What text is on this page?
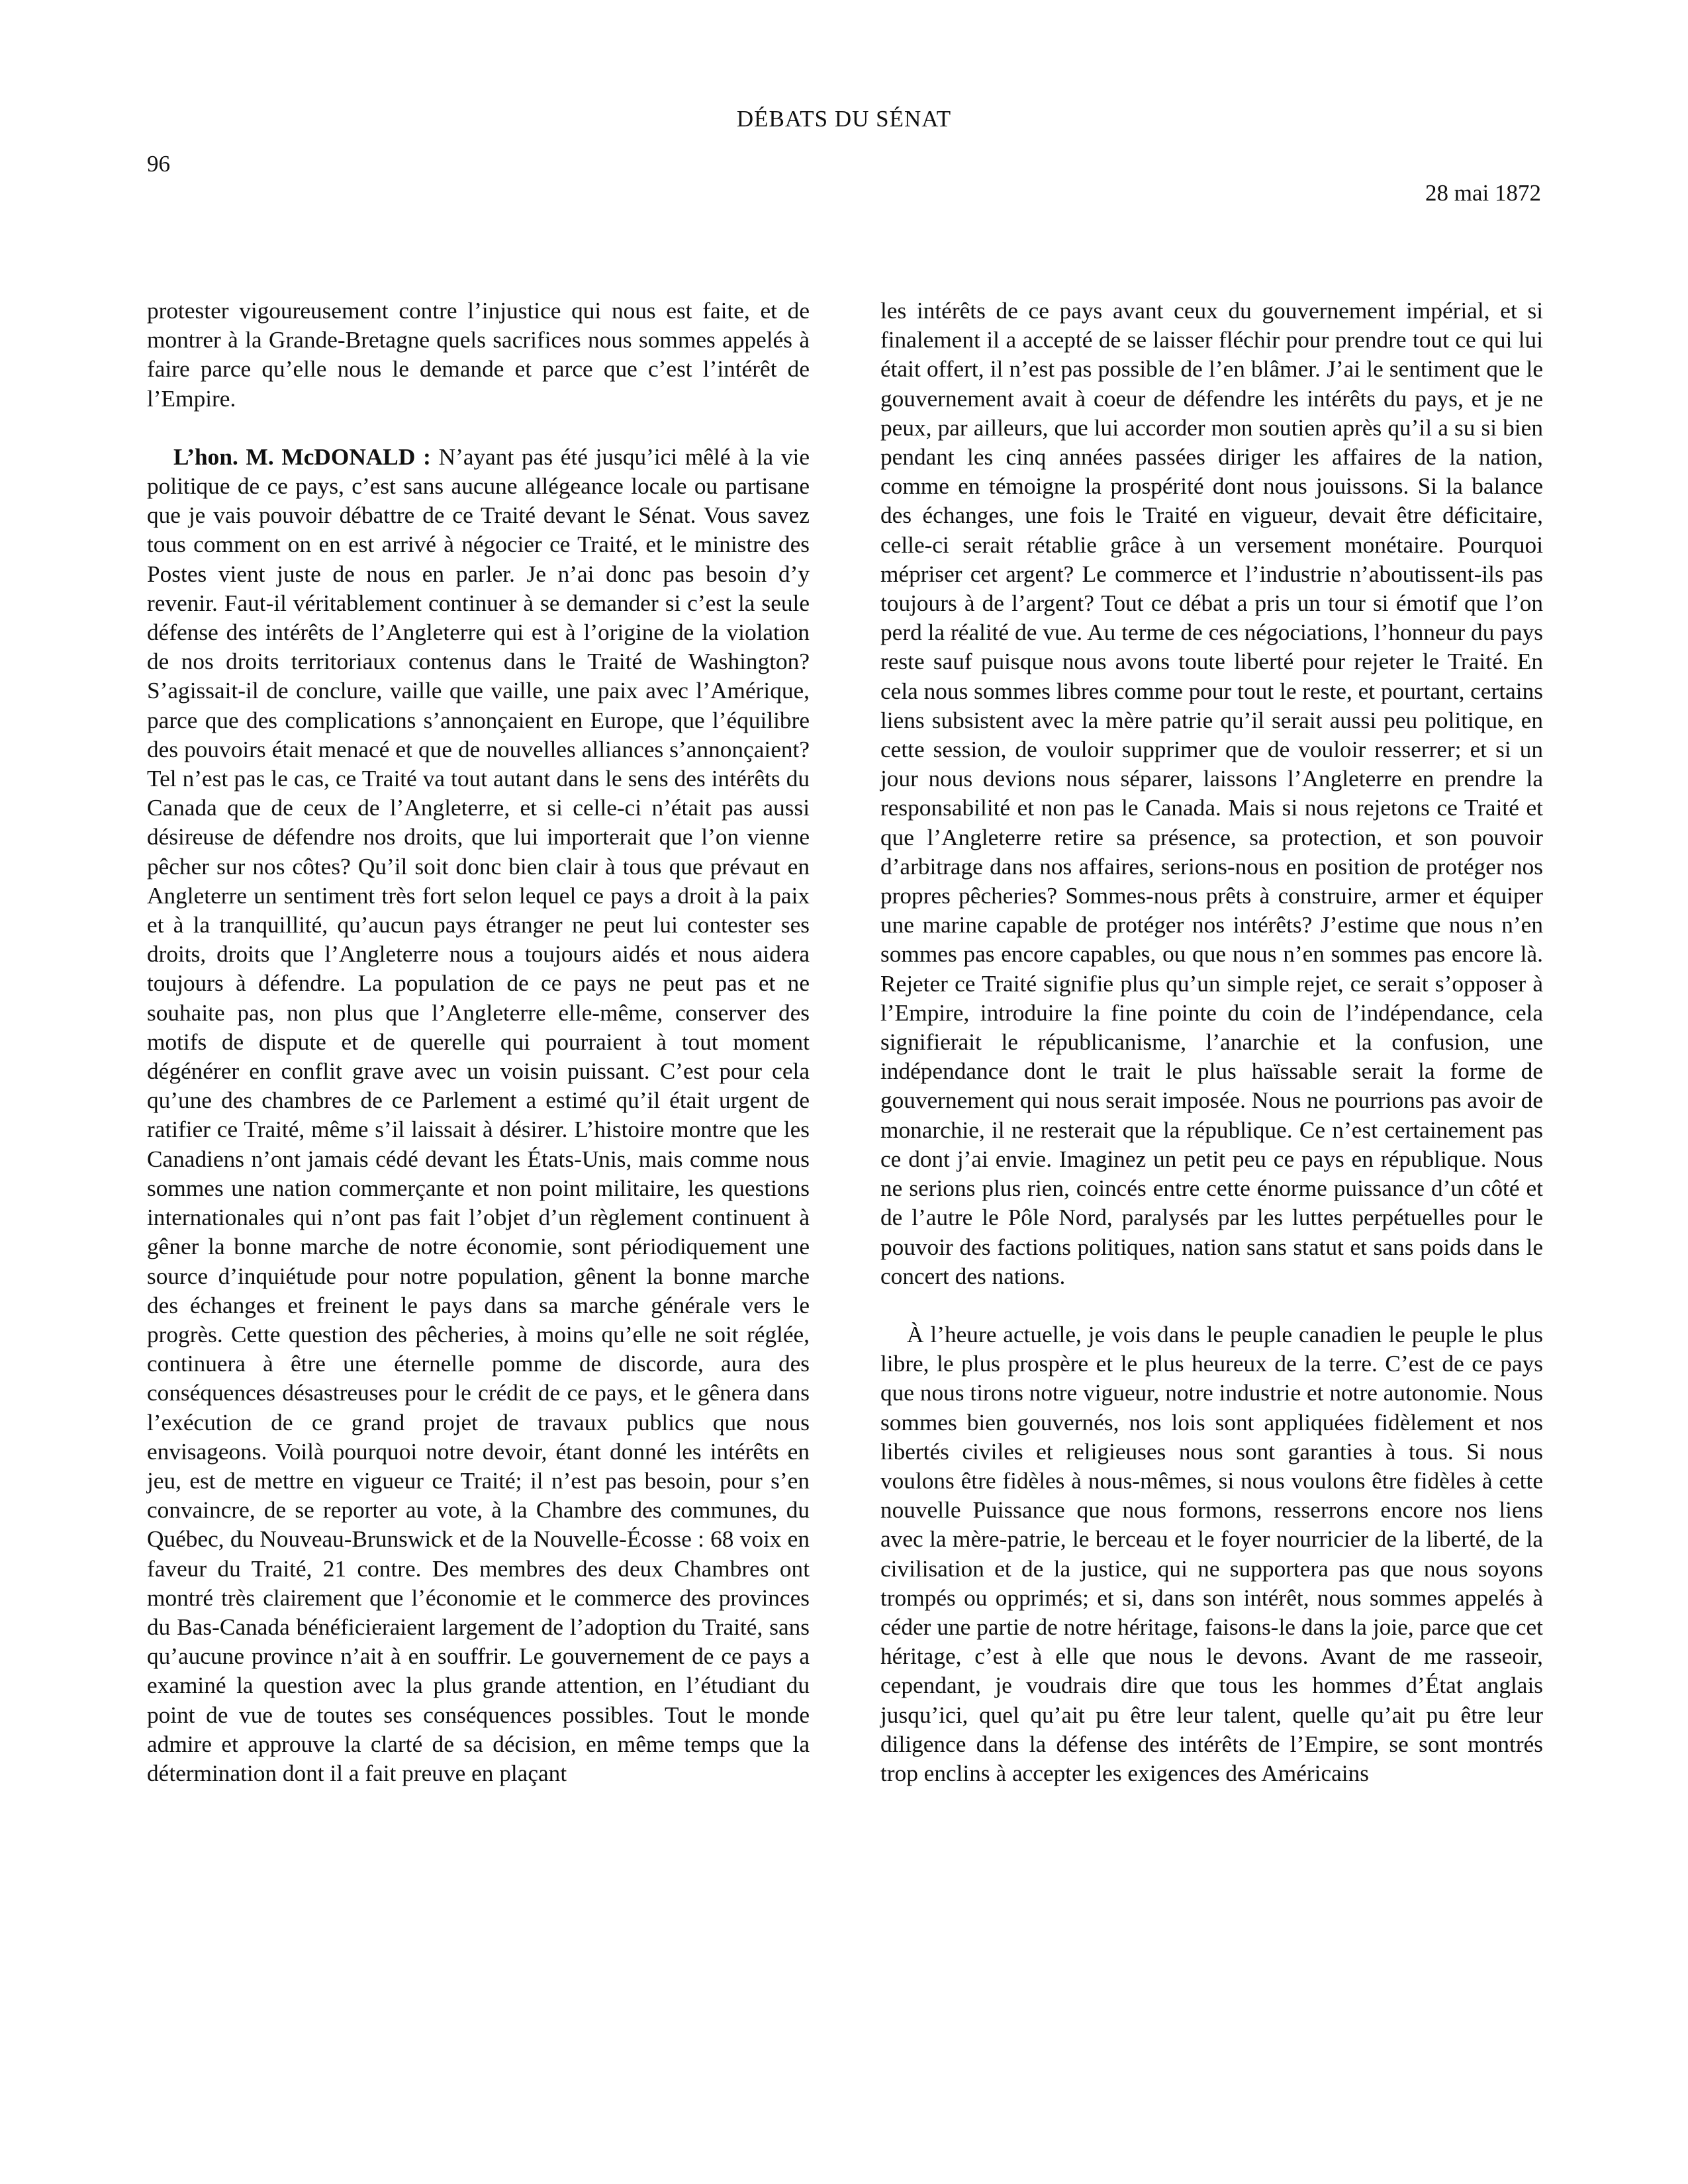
DÉBATS DU SÉNAT
96
28 mai 1872

protester vigoureusement contre l’injustice qui nous est faite, et de montrer à la Grande-Bretagne quels sacrifices nous sommes appelés à faire parce qu’elle nous le demande et parce que c’est l’intérêt de l’Empire.

L’hon. M. McDONALD : N’ayant pas été jusqu’ici mêlé à la vie politique de ce pays, c’est sans aucune allégeance locale ou partisane que je vais pouvoir débattre de ce Traité devant le Sénat. Vous savez tous comment on en est arrivé à négocier ce Traité, et le ministre des Postes vient juste de nous en parler. Je n’ai donc pas besoin d’y revenir. Faut-il véritablement continuer à se demander si c’est la seule défense des intérêts de l’Angleterre qui est à l’origine de la violation de nos droits territoriaux contenus dans le Traité de Washington? S’agissait-il de conclure, vaille que vaille, une paix avec l’Amérique, parce que des complications s’annonçaient en Europe, que l’équilibre des pouvoirs était menacé et que de nouvelles alliances s’annonçaient? Tel n’est pas le cas, ce Traité va tout autant dans le sens des intérêts du Canada que de ceux de l’Angleterre, et si celle-ci n’était pas aussi désireuse de défendre nos droits, que lui importerait que l’on vienne pêcher sur nos côtes? Qu’il soit donc bien clair à tous que prévaut en Angleterre un sentiment très fort selon lequel ce pays a droit à la paix et à la tranquillité, qu’aucun pays étranger ne peut lui contester ses droits, droits que l’Angleterre nous a toujours aidés et nous aidera toujours à défendre. La population de ce pays ne peut pas et ne souhaite pas, non plus que l’Angleterre elle-même, conserver des motifs de dispute et de querelle qui pourraient à tout moment dégénérer en conflit grave avec un voisin puissant. C’est pour cela qu’une des chambres de ce Parlement a estimé qu’il était urgent de ratifier ce Traité, même s’il laissait à désirer. L’histoire montre que les Canadiens n’ont jamais cédé devant les États-Unis, mais comme nous sommes une nation commerçante et non point militaire, les questions internationales qui n’ont pas fait l’objet d’un règlement continuent à gêner la bonne marche de notre économie, sont périodiquement une source d’inquiétude pour notre population, gênent la bonne marche des échanges et freinent le pays dans sa marche générale vers le progrès. Cette question des pêcheries, à moins qu’elle ne soit réglée, continuera à être une éternelle pomme de discorde, aura des conséquences désastreuses pour le crédit de ce pays, et le gênera dans l’exécution de ce grand projet de travaux publics que nous envisageons. Voilà pourquoi notre devoir, étant donné les intérêts en jeu, est de mettre en vigueur ce Traité; il n’est pas besoin, pour s’en convaincre, de se reporter au vote, à la Chambre des communes, du Québec, du Nouveau-Brunswick et de la Nouvelle-Écosse : 68 voix en faveur du Traité, 21 contre. Des membres des deux Chambres ont montré très clairement que l’économie et le commerce des provinces du Bas-Canada bénéficieraient largement de l’adoption du Traité, sans qu’aucune province n’ait à en souffrir. Le gouvernement de ce pays a examiné la question avec la plus grande attention, en l’étudiant du point de vue de toutes ses conséquences possibles. Tout le monde admire et approuve la clarté de sa décision, en même temps que la détermination dont il a fait preuve en plaçant

les intérêts de ce pays avant ceux du gouvernement impérial, et si finalement il a accepté de se laisser fléchir pour prendre tout ce qui lui était offert, il n’est pas possible de l’en blâmer. J’ai le sentiment que le gouvernement avait à coeur de défendre les intérêts du pays, et je ne peux, par ailleurs, que lui accorder mon soutien après qu’il a su si bien pendant les cinq années passées diriger les affaires de la nation, comme en témoigne la prospérité dont nous jouissons. Si la balance des échanges, une fois le Traité en vigueur, devait être déficitaire, celle-ci serait rétablie grâce à un versement monétaire. Pourquoi mépriser cet argent? Le commerce et l’industrie n’aboutissent-ils pas toujours à de l’argent? Tout ce débat a pris un tour si émotif que l’on perd la réalité de vue. Au terme de ces négociations, l’honneur du pays reste sauf puisque nous avons toute liberté pour rejeter le Traité. En cela nous sommes libres comme pour tout le reste, et pourtant, certains liens subsistent avec la mère patrie qu’il serait aussi peu politique, en cette session, de vouloir supprimer que de vouloir resserrer; et si un jour nous devions nous séparer, laissons l’Angleterre en prendre la responsabilité et non pas le Canada. Mais si nous rejetons ce Traité et que l’Angleterre retire sa présence, sa protection, et son pouvoir d’arbitrage dans nos affaires, serions-nous en position de protéger nos propres pêcheries? Sommes-nous prêts à construire, armer et équiper une marine capable de protéger nos intérêts? J’estime que nous n’en sommes pas encore capables, ou que nous n’en sommes pas encore là. Rejeter ce Traité signifie plus qu’un simple rejet, ce serait s’opposer à l’Empire, introduire la fine pointe du coin de l’indépendance, cela signifierait le républicanisme, l’anarchie et la confusion, une indépendance dont le trait le plus haïssable serait la forme de gouvernement qui nous serait imposée. Nous ne pourrions pas avoir de monarchie, il ne resterait que la république. Ce n’est certainement pas ce dont j’ai envie. Imaginez un petit peu ce pays en république. Nous ne serions plus rien, coincés entre cette énorme puissance d’un côté et de l’autre le Pôle Nord, paralysés par les luttes perpétuelles pour le pouvoir des factions politiques, nation sans statut et sans poids dans le concert des nations.

À l’heure actuelle, je vois dans le peuple canadien le peuple le plus libre, le plus prospère et le plus heureux de la terre. C’est de ce pays que nous tirons notre vigueur, notre industrie et notre autonomie. Nous sommes bien gouvernés, nos lois sont appliquées fidèlement et nos libertés civiles et religieuses nous sont garanties à tous. Si nous voulons être fidèles à nous-mêmes, si nous voulons être fidèles à cette nouvelle Puissance que nous formons, resserrons encore nos liens avec la mère-patrie, le berceau et le foyer nourricier de la liberté, de la civilisation et de la justice, qui ne supportera pas que nous soyons trompés ou opprimés; et si, dans son intérêt, nous sommes appelés à céder une partie de notre héritage, faisons-le dans la joie, parce que cet héritage, c’est à elle que nous le devons. Avant de me rasseoir, cependant, je voudrais dire que tous les hommes d’État anglais jusqu’ici, quel qu’ait pu être leur talent, quelle qu’ait pu être leur diligence dans la défense des intérêts de l’Empire, se sont montrés trop enclins à accepter les exigences des Américains
